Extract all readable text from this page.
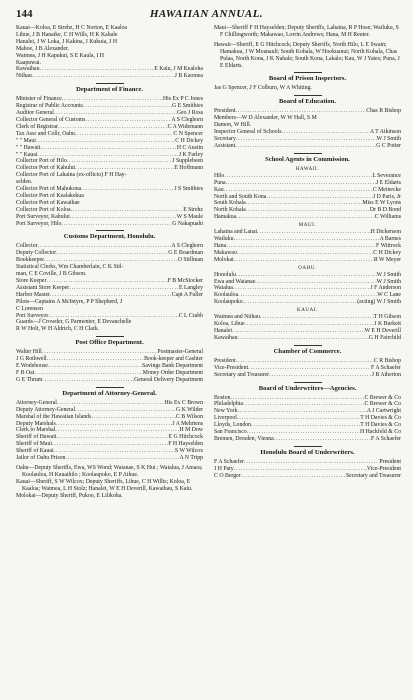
144	HAWAIIAN ANNUAL.
Kauai—Koloa, E Strehz, H C Norton, E Kaaloa
Lihue, J B Hanaike, C H Wills, H K Kahale
Hanalei, J W Loka, J Kakina, J Kukuia, J H
Mahoe, J B Alexander.
Waimea, J H Kapukui, S E Kaula, I H
Kaapuwai.
Kawaihau .....	E Kaiu, J M Kealoha
Niihau .....	J B Kaomea
Department of Finance.
Minister of Finance .....	His Ex P C Jones
Registrar of Public Accounts .....	G E Smithies
Auditor General .....	Geo J Ross
Collector General of Customs .....	A S Cleghorn
Clerk of Registrar .....	C A Widemann
Tax Assr and Collr, Oahu .....	C N Spencer
" " Maui .....	C H Dickey
" " Hawaii .....	H C Austin
" " Kauai .....	J K Farley
Collector Port of Hilo .....	J Supplebeen
Collector Port of Kahului .....	E Hoffmann
Collector Port of Lahaina (ex-officio) F H Hay-
selden.
Collector Port of Mahukona .....	J S Smithies
Collector Port of Kealakekua
Collector Port of Kawaihae
Collector Port of Koloa .....	E Strehz
Port Surveyor, Kahului .....	W S Maule
Port Surveyor, Hilo .....	G Nakapuahi
Customs Department, Honolulu.
Collector .....	A S Cleghorn
Deputy Collector .....	G E Boardman
Bookkeeper .....	O Stillman
Statistical Clerks, Wm Chamberlain, C K Stil-
man, C E Coville, J B Gibson.
Store Keeper .....	F B McStocker
Assistant Store Keeper .....	E Langley
Harbor Master .....	Capt A Fuller
Pilots—Captains A McIntyre, P P Shepherd, J
C Lorensen
Port Surveyor .....	C L Crabb
Guards—J Crowder, G Parmenter, E Devauchelle
R W Holt, W H Aldrich, C H Clark.
Post Office Department.
Walter Hill .....	Postmaster-General
J G Rothwell .....	Book-keeper and Cashier
E Wodehouse .....	Savings Bank Department
F B Oat .....	Money Order Department
G E Thrum .....	General Delivery Department
Department of Attorney-General.
Attorney-General .....	His Ex C Brown
Deputy Attorney-General .....	G K Wilder
Marshal of the Hawaiian Islands .....	C B Wilson
Deputy Marshals .....	J A Mehrtens
Clerk to Marshal .....	H M Dow
Sheriff of Hawaii .....	E G Hitchcock
Sheriff of Maui .....	F H Hayselden
Sheriff of Kauai .....	S W Wilcox
Jailor of Oahu Prison .....	A N Tripp

Oahu—Deputy Sheriffs, Ewa, WS Wond; Waianae, S K Hui ; Waialua, J Amara; Koolauloa, H Kauaihilo ; Koolaupoko, E P Aikue.

Kauai—Sheriff, S W Wilcox; Deputy Sheriffs, Lihue, C H Willis; Koloa, E Kaaloa; Waimea, L H Stolz; Hanalei, W E H Deverill, Kawaihau, S Kaiu.

Molokai—Deputy Sheriff, Pukoo, E Lilikoha.

Maui—Sheriff F H Hayselden; Deputy Sheriffs, Lahaina, R P Hose; Wailuku, S F Chillingworth; Makawao, Lorrin Andrews; Hana, M H Reuter.

Hawaii—Sheriff, E G Hitchcock; Deputy Sheriffs, North Hilo, L E Swain; Hamakua, J W Moanauli; South Kohala, W Hookuanui; North Kohala, Chas Pulaa, North Kona, J K Nahale; South Kona, Lakalo; Kau, W J Yates; Puna, J E Eldarts.

Board of Prison Inspectors.

Jas G Spencer, J F Colburn, W A Whiting.

Board of Education.
President .....	Chas R Bishop
Members—W D Alexander, W W Hall, S M
Damon, W Hill.
Inspector General of Schools .....	A T Atkinson
Secretary .....	W J Smith
Assistant .....	G C Potter
School Agents in Commission.
HAWAII.
Hilo .....	L Severance
Puna .....	J E Eldarts
Kau .....	C Meinecke
North and South Kona .....	J D Paris, Jr
South Kohala .....	Miss E W Lyons
North Kohala .....	Dr B D Bond
Hamakua .....	C Williams
MAUI.
Lahaina and Lanai .....	H Dickenson
Wailuku .....	A Barnes
Hana .....	F Wittrock
Makawao .....	C H Dickey
Molokai .....	R W Meyer
OAHU.
Honolulu .....	W J Smith
Ewa and Waianae .....	W J Smith
Waialua .....	J F Anderson
Koolauloa .....	W C Lane
Koolaupoko .....	(acting) W J Smith
KAUAI.
Waimea and Niihau .....	T H Gibson
Koloa, Lihue .....	J K Burkett
Hanalei .....	W E H Deverill
Kawaihau .....	G H Fairchild
Chamber of Commerce.
President .....	C R Bishop
Vice-President .....	F A Schaefer
Secretary and Treasurer .....	J B Atherton
Board of Underwriters—Agencies.
Boston .....	C Brewer & Co
Philadelphia .....	C Brewer & Co
New York .....	A J Cartwright
Liverpool .....	T H Davies & Co
Lloyds, London .....	T H Davies & Co
San Francisco .....	H Hackfeld & Co
Bremen, Dresden, Vienna .....	F A Schaefer
Honolulu Board of Underwriters.
F A Schaefer .....	President
J H Paty .....	Vice-President
C O Berger .....	Secretary and Treasurer
